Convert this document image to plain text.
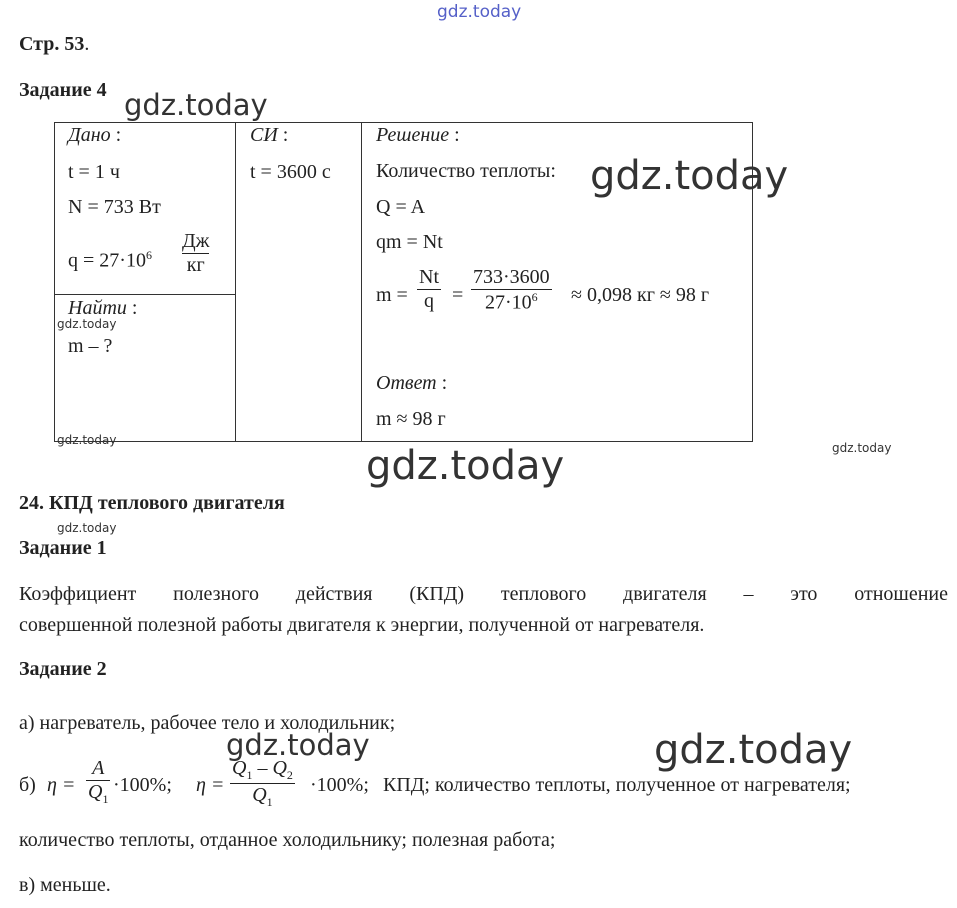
gdz.today
Стр. 53.
Задание 4 gdz.today
Дано :
t = 1 ч
N = 733 Вт
$q = 27\cdot 10^6$
Дж
кг
Найти :
gdz.today
m – ?
gdz.today
СИ :
t = 3600 с
Решение :
Количество теплоты: gdz.today
Q = A
qm = Nt
m =
Nt
q =
733·3600
$27\cdot 10^6 \approx 0,098$ кг ≈ 98 г
Ответ :
m ≈ 98 г
gdz.today
gdz.today
24. КПД теплового двигателя
gdz.today
Задание 1
Коэффициент полезного действия (КПД) теплового двигателя – это отношение
совершенной полезной работы двигателя к энергии, полученной от нагревателя.
Задание 2
а) нагреватель, рабочее тело и холодильник;
gdz.today	gdz.today
б) η =
A
$Q_1$
·100%; η =
$Q_1 - Q_2$
$Q_1$
·100%; КПД; количество теплоты, полученное от нагревателя;
количество теплоты, отданное холодильнику; полезная работа;
в) меньше.
